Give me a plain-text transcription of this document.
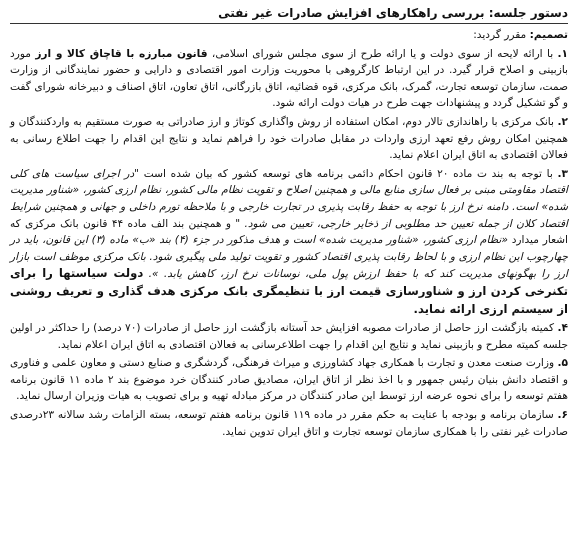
دستور جلسه: بررسی راهکارهای افزایش صادرات غیر نفتی

تصمیم: مقرر گردید:

۱. با ارائه لایحه از سوی دولت و یا ارائه طرح از سوی مجلس شورای اسلامی، قانون مبارزه با قاچاق کالا و ارز مورد بازبینی و اصلاح قرار گیرد. در این ارتباط کارگروهی با محوریت وزارت امور اقتصادی و دارایی و حضور نمایندگانی از وزارت صمت، سازمان توسعه تجارت، گمرک، بانک مرکزی، قوه قضائیه، اتاق بازرگانی، اتاق تعاون، اتاق اصناف و دبیرخانه شورای گفت و گو تشکیل گردد و پیشنهادات جهت طرح در هیات دولت ارائه شود.

۲. بانک مرکزی با راهاندازی تالار دوم، امکان استفاده از روش واگذاری کوتاژ و ارز صادراتی به صورت مستقیم به واردکنندگان و همچنین امکان روش رفع تعهد ارزی واردات در مقابل صادرات خود را فراهم نماید و نتایج این اقدام را جهت اطلاع رسانی به فعالان اقتصادی به اتاق ایران اعلام نماید.

۳. با توجه به بند ت ماده ۲۰ قانون احکام دائمی برنامه های توسعه کشور که بیان شده است "در اجرای سیاست های کلی اقتصاد مقاومتی مبنی بر فعال سازی منابع مالی و همچنین اصلاح و تقویت نظام مالی کشور، نظام ارزی کشور، «شناور مدیریت شده» است. دامنه نرخ ارز با توجه به حفظ رقابت پذیری در تجارت خارجی و با ملاحظه تورم داخلی و جهانی و همچنین شرایط اقتصاد کلان از جمله تعیین حد مطلوبی از ذخایر خارجی، تعیین می شود. " و همچنین بند الف ماده ۴۴ قانون بانک مرکزی که اشعار میدارد «نظام ارزی کشور، «شناور مدیریت شده» است و هدف مذکور در جزء (۴) بند «ب» ماده (۳) این قانون، باید در چهارچوب این نظام ارزی و با لحاظ رقابت پذیری اقتصاد کشور و تقویت تولید ملی پیگیری شود. بانک مرکزی موظف است بازار ارز را بهگونهای مدیریت کند که با حفظ ارزش پول ملی، نوسانات نرخ ارز، کاهش یابد. ». دولت سیاستها را برای تکنرخی کردن ارز و شناورسازی قیمت ارز با تنظیمگری بانک مرکزی هدف گذاری و تعریف روشنی از سیستم ارزی ارائه نماید.

۴. کمیته بازگشت ارز حاصل از صادرات مصوبه افزایش حد آستانه بازگشت ارز حاصل از صادرات (۷۰ درصد) را حداکثر در اولین جلسه کمیته مطرح و بازبینی نماید و نتایج این اقدام را جهت اطلاعرسانی به فعالان اقتصادی به اتاق ایران اعلام نماید.

۵. وزارت صنعت معدن و تجارت با همکاری جهاد کشاورزی و میراث فرهنگی، گردشگری و صنایع دستی و معاون علمی و فناوری و اقتصاد دانش بنیان رئیس جمهور و با اخذ نظر از اتاق ایران، مصادیق صادر کنندگان خرد موضوع بند ۲ ماده ۱۱ قانون برنامه هفتم توسعه را برای نحوه عرضه ارز توسط این صادر کنندگان در مرکز مبادله تهیه و برای تصویب به هیات وزیران ارسال نماید.

۶. سازمان برنامه و بودجه با عنایت به حکم مقرر در ماده ۱۱۹ قانون برنامه هفتم توسعه، بسته الزامات رشد سالانه ۲۳درصدی صادرات غیر نفتی را با همکاری سازمان توسعه تجارت و اتاق ایران تدوین نماید.
